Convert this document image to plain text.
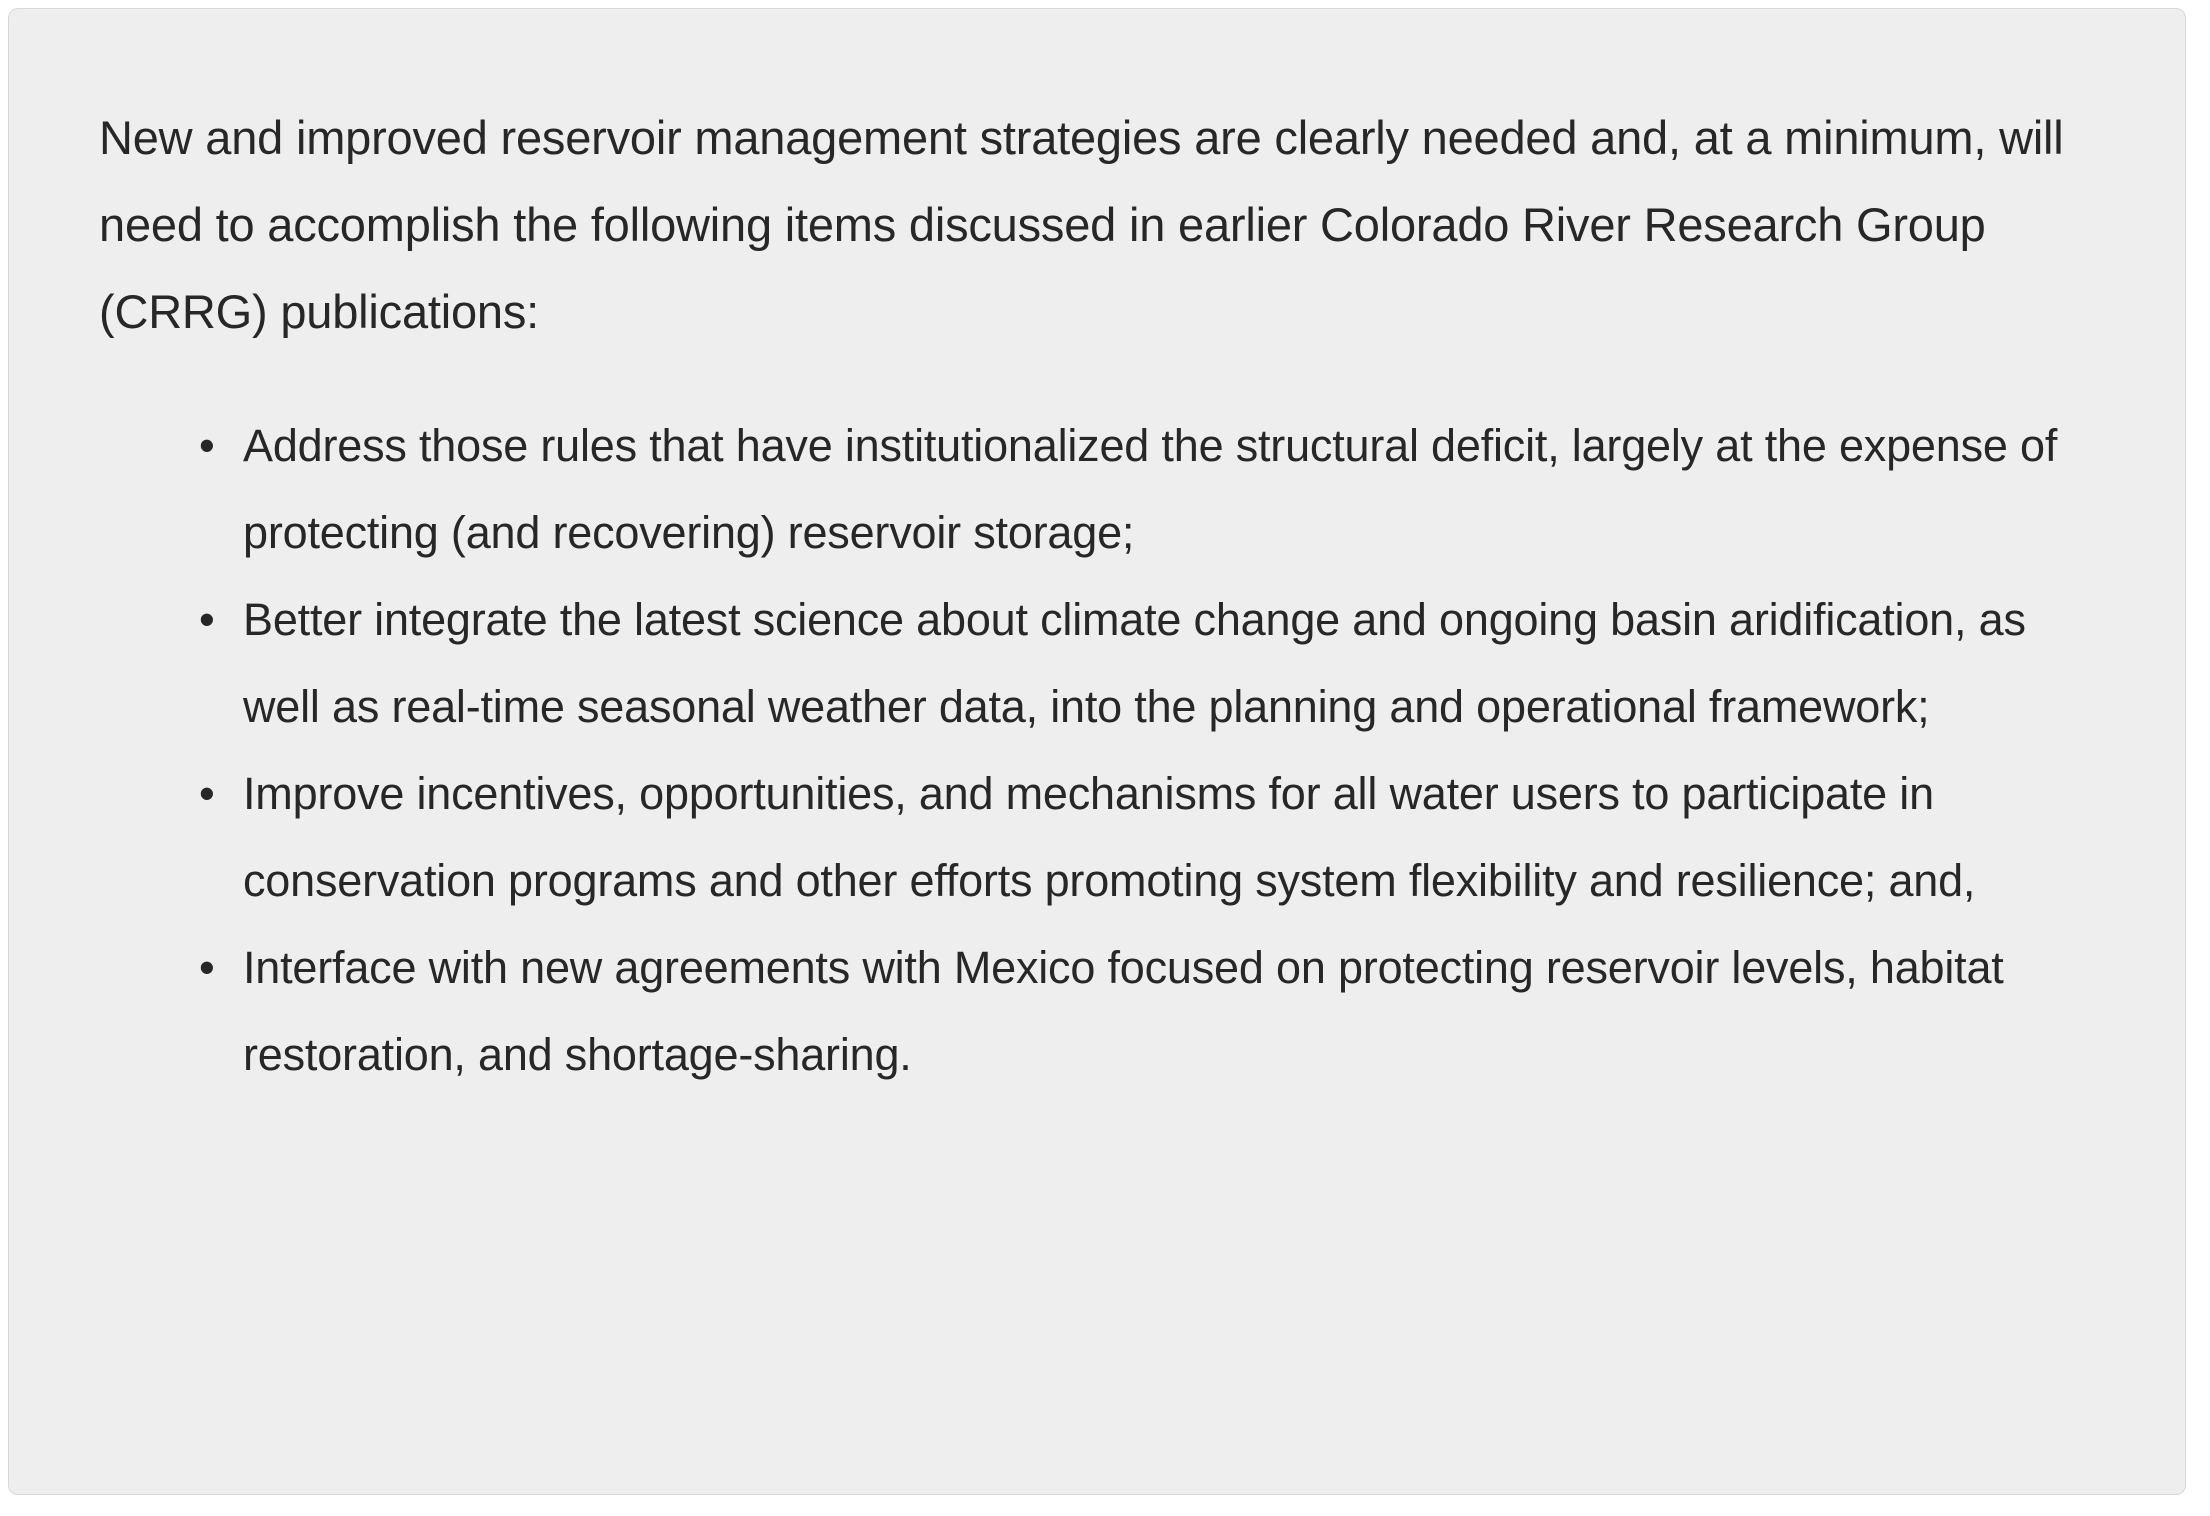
New and improved reservoir management strategies are clearly needed and, at a minimum, will need to accomplish the following items discussed in earlier Colorado River Research Group (CRRG) publications:

• Address those rules that have institutionalized the structural deficit, largely at the expense of
protecting (and recovering) reservoir storage;
• Better integrate the latest science about climate change and ongoing basin aridification, as well as real-time seasonal weather data, into the planning and operational framework;
• Improve incentives, opportunities, and mechanisms for all water users to participate in
conservation programs and other efforts promoting system flexibility and resilience; and,
• Interface with new agreements with Mexico focused on protecting reservoir levels, habitat
restoration, and shortage-sharing.
